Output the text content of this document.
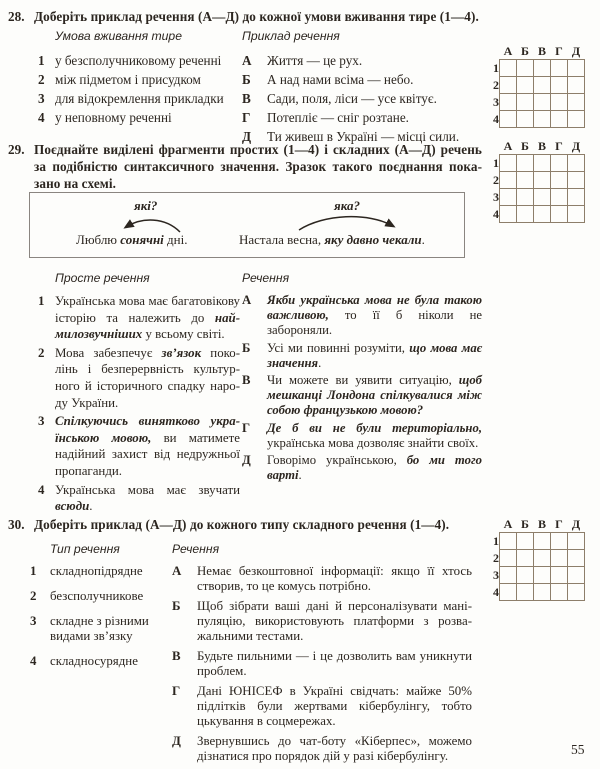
28. Доберіть приклад речення (А—Д) до кожної умови вживання тире (1—4).
Умова вживання тире
1 у безсполучниковому реченні
2 між підметом і присудком
3 для відокремлення прикладки
4 у неповному реченні
Приклад речення
А	Життя — це рух.
Б	А над нами всіма — небо.
В	Сади, поля, ліси — усе квітує.
Г	Потепліє — сніг розтане.
Д	Ти живеш в Україні — місці сили.
29. Поєднайте виділені фрагменти простих (1—4) і складних (А—Д) речень за подібністю синтаксичного значення. Зразок такого поєднання показано на схемі.
які?
Люблю сонячні дні.
яка?
Настала весна, яку давно чекали.
Просте речення
1 Українська мова має багатовікову історію та належить до наймилозвучніших у всьому світі.
2 Мова забезпечує зв’язок поколінь і безперервність культурного й історичного спадку народу України.
3 Спілкуючись винятково українською мовою, ви матимете надійний захист від недружньої пропаганди.
4 Українська мова має звучати всюди.
Речення
А	Якби українська мова не була такою важливою, то її б ніколи не забороняли.
Б	Усі ми повинні розуміти, що мова має значення.
В	Чи можете ви уявити ситуацію, щоб мешканці Лондона спілкувалися між собою французькою мовою?
Г	Де б ви не були територіально, українська мова дозволяє знайти своїх.
Д	Говорімо українською, бо ми того варті.
30. Доберіть приклад (А—Д) до кожного типу складного речення (1—4).
Тип речення
1	складнопідрядне
2	безсполучникове
3	складне з різними видами зв’язку
4	складносурядне
Речення
А	Немає безкоштовної інформації: якщо її хтось створив, то це комусь потрібно.
Б	Щоб зібрати ваші дані й персоналізувати маніпуляцію, використовують платформи з розважальними тестами.
В	Будьте пильними — і це дозволить вам уникнути проблем.
Г	Дані ЮНІСЕФ в Україні свідчать: майже 50% підлітків були жертвами кібербулінгу, тобто цькування в соцмережах.
Д	Звернувшись до чат-боту «Кіберпес», можемо дізнатися про порядок дій у разі кібербулінгу.
	А	Б	В	Г	Д
1					
2					
3					
4					
	А	Б	В	Г	Д
1					
2					
3					
4					
	А	Б	В	Г	Д
1					
2					
3					
4					
55
